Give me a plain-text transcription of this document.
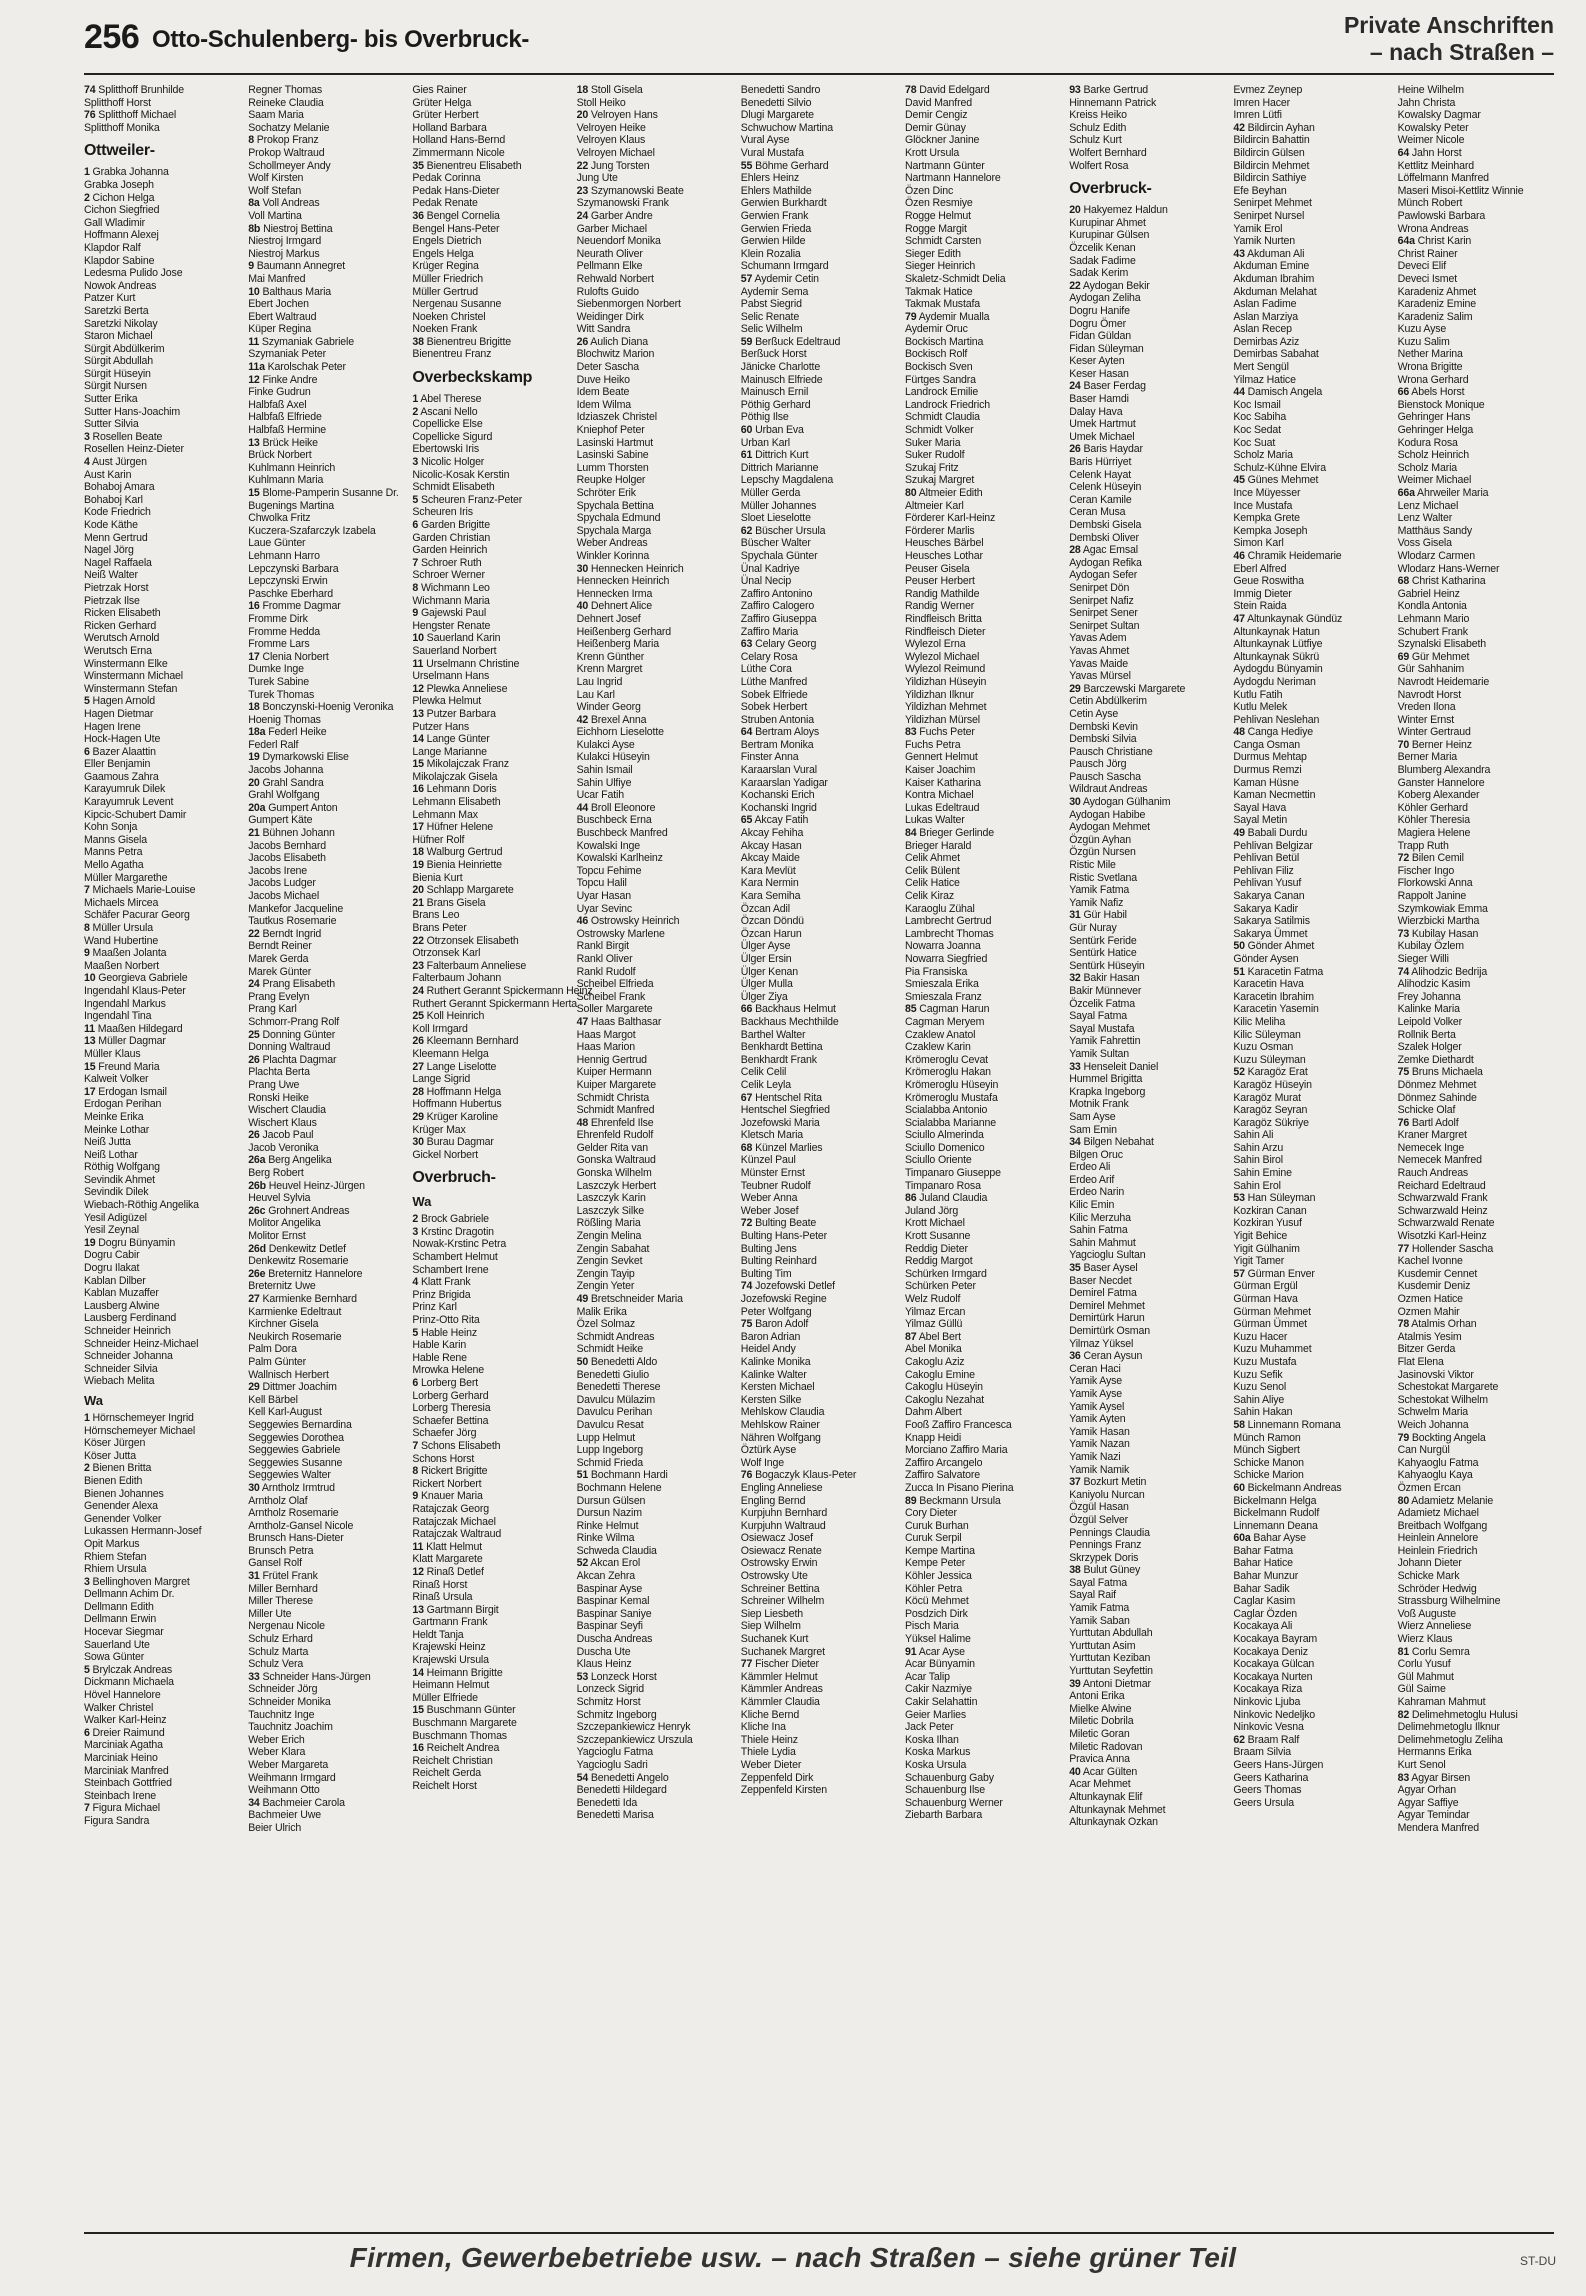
256 Otto-Schulenberg- bis Overbruck-
Private Anschriften
– nach Straßen –
74 Splitthoff Brunhilde
Splitthoff Horst
76 Splitthoff Michael
Splitthoff Monika
Ottweiler-
1 Grabka Johanna
Grabka Joseph
2 Cichon Helga
Cichon Siegfried
Gall Wladimir
Hoffmann Alexej
Klapdor Ralf
Klapdor Sabine
Ledesma Pulido Jose
Nowok Andreas
Patzer Kurt
Saretzki Berta
Saretzki Nikolay
Staron Michael
Sürgit Abdülkerim
Sürgit Abdullah
Sürgit Hüseyin
Sürgit Nursen
Sutter Erika
Sutter Hans-Joachim
Sutter Silvia
3 Rosellen Beate
Rosellen Heinz-Dieter
4 Aust Jürgen
Aust Karin
Bohaboj Amara
Bohaboj Karl
Kode Friedrich
Kode Käthe
Menn Gertrud
Nagel Jörg
Nagel Raffaela
Neiß Walter
Pietrzak Horst
Pietrzak Ilse
Ricken Elisabeth
Ricken Gerhard
Werutsch Arnold
Werutsch Erna
Winstermann Elke
Winstermann Michael
Winstermann Stefan
5 Hagen Arnold
Hagen Dietmar
Hagen Irene
Hock-Hagen Ute
6 Bazer Alaattin
Eller Benjamin
Gaamous Zahra
Karayumruk Dilek
Karayumruk Levent
Kipcic-Schubert Damir
Kohn Sonja
Manns Gisela
Manns Petra
Mello Agatha
Müller Margarethe
7 Michaels Marie-Louise
Michaels Mircea
Schäfer Pacurar Georg
8 Müller Ursula
Wand Hubertine
9 Maaßen Jolanta
Maaßen Norbert
10 Georgieva Gabriele
Ingendahl Klaus-Peter
Ingendahl Markus
Ingendahl Tina
11 Maaßen Hildegard
13 Müller Dagmar
Müller Klaus
15 Freund Maria
Kalweit Volker
17 Erdogan Ismail
Erdogan Perihan
Meinke Erika
Meinke Lothar
Neiß Jutta
Neiß Lothar
Röthig Wolfgang
Sevindik Ahmet
Sevindik Dilek
Wiebach-Röthig Angelika
Yesil Adigüzel
Yesil Zeynal
19 Dogru Bünyamin
Dogru Cabir
Dogru Ilakat
Kablan Dilber
Kablan Muzaffer
Lausberg Alwine
Lausberg Ferdinand
Schneider Heinrich
Schneider Heinz-Michael
Schneider Johanna
Schneider Silvia
Wiebach Melita
Wa
1 Hörnschemeyer Ingrid
Hörnschemeyer Michael
Köser Jürgen
Köser Jutta
2 Bienen Britta
Bienen Edith
Bienen Johannes
Genender Alexa
Genender Volker
Lukassen Hermann-Josef
Opit Markus
Rhiem Stefan
Rhiem Ursula
3 Bellinghoven Margret
Dellmann Achim Dr.
Dellmann Edith
Dellmann Erwin
Hocevar Siegmar
Sauerland Ute
Sowa Günter
5 Brylczak Andreas
Dickmann Michaela
Hövel Hannelore
Walker Christel
Walker Karl-Heinz
6 Dreier Raimund
Marciniak Agatha
Marciniak Heino
Marciniak Manfred
Steinbach Gottfried
Steinbach Irene
7 Figura Michael
Figura Sandra
Regner Thomas
Reineke Claudia
Saam Maria
Sochatzy Melanie
8 Prokop Franz
Prokop Waltraud
Schollmeyer Andy
Wolf Kirsten
Wolf Stefan
8a Voll Andreas
Voll Martina
8b Niestroj Bettina
Niestroj Irmgard
Niestroj Markus
9 Baumann Annegret
Mai Manfred
10 Balthaus Maria
Ebert Jochen
Ebert Waltraud
Küper Regina
11 Szymaniak Gabriele
Szymaniak Peter
11a Karolschak Peter
12 Finke Andre
Finke Gudrun
Halbfaß Axel
Halbfaß Elfriede
Halbfaß Hermine
13 Brück Heike
Brück Norbert
Kuhlmann Heinrich
Kuhlmann Maria
15 Blome-Pamperin Susanne Dr.
Bugenings Martina
Chwolka Fritz
Kuczera-Szafarczyk Izabela
Laue Günter
Lehmann Harro
Lepczynski Barbara
Lepczynski Erwin
Paschke Eberhard
16 Fromme Dagmar
Fromme Dirk
Fromme Hedda
Fromme Lars
17 Clenia Norbert
Dumke Inge
Turek Sabine
Turek Thomas
18 Bonczynski-Hoenig Veronika
Hoenig Thomas
18a Federl Heike
Federl Ralf
19 Dymarkowski Elise
Jacobs Johanna
20 Grahl Sandra
Grahl Wolfgang
20a Gumpert Anton
Gumpert Käte
21 Bühnen Johann
Jacobs Bernhard
Jacobs Elisabeth
Jacobs Irene
Jacobs Ludger
Jacobs Michael
Mankefor Jacqueline
Tautkus Rosemarie
22 Berndt Ingrid
Berndt Reiner
Marek Gerda
Marek Günter
24 Prang Elisabeth
Prang Evelyn
Prang Karl
Schmorr-Prang Rolf
25 Donning Günter
Donning Waltraud
26 Plachta Dagmar
Plachta Berta
Prang Uwe
Ronski Heike
Wischert Claudia
Wischert Klaus
26 Jacob Paul
Jacob Veronika
26a Berg Angelika
Berg Robert
26b Heuvel Heinz-Jürgen
Heuvel Sylvia
26c Grohnert Andreas
Molitor Angelika
Molitor Ernst
26d Denkewitz Detlef
Denkewitz Rosemarie
26e Breternitz Hannelore
Breternitz Uwe
27 Karmienke Bernhard
Karmienke Edeltraut
Kirchner Gisela
Neukirch Rosemarie
Palm Dora
Palm Günter
Wallnisch Herbert
29 Dittmer Joachim
Kell Bärbel
Kell Karl-August
Seggewies Bernardina
Seggewies Dorothea
Seggewies Gabriele
Seggewies Susanne
Seggewies Walter
30 Arntholz Irmtrud
Arntholz Olaf
Arntholz Rosemarie
Arntholz-Gansel Nicole
Brunsch Hans-Dieter
Brunsch Petra
Gansel Rolf
31 Frütel Frank
Miller Bernhard
Miller Therese
Miller Ute
Nergenau Nicole
Schulz Erhard
Schulz Marta
Schulz Vera
33 Schneider Hans-Jürgen
Schneider Jörg
Schneider Monika
Tauchnitz Inge
Tauchnitz Joachim
Weber Erich
Weber Klara
Weber Margareta
Weihmann Irmgard
Weihmann Otto
34 Bachmeier Carola
Bachmeier Uwe
Beier Ulrich
Gies Rainer
Grüter Helga
Grüter Herbert
Holland Barbara
Holland Hans-Bernd
Zimmermann Nicole
35 Bienentreu Elisabeth
Pedak Corinna
Pedak Hans-Dieter
Pedak Renate
36 Bengel Cornelia
Bengel Hans-Peter
Engels Dietrich
Engels Helga
Krüger Regina
Müller Friedrich
Müller Gertrud
Nergenau Susanne
Noeken Christel
Noeken Frank
38 Bienentreu Brigitte
Bienentreu Franz
Overbeckskamp
1 Abel Therese
2 Ascani Nello
Copellicke Else
Copellicke Sigurd
Ebertowski Iris
3 Nicolic Holger
Nicolic-Kosak Kerstin
Schmidt Elisabeth
5 Scheuren Franz-Peter
Scheuren Iris
6 Garden Brigitte
Garden Christian
Garden Heinrich
7 Schroer Ruth
Schroer Werner
8 Wichmann Leo
Wichmann Maria
9 Gajewski Paul
Hengster Renate
10 Sauerland Karin
Sauerland Norbert
11 Urselmann Christine
Urselmann Hans
12 Plewka Anneliese
Plewka Helmut
13 Putzer Barbara
Putzer Hans
14 Lange Günter
Lange Marianne
15 Mikolajczak Franz
Mikolajczak Gisela
16 Lehmann Doris
Lehmann Elisabeth
Lehmann Max
17 Hüfner Helene
Hüfner Rolf
18 Walburg Gertrud
19 Bienia Heinriette
Bienia Kurt
20 Schlapp Margarete
21 Brans Gisela
Brans Leo
Brans Peter
22 Otrzonsek Elisabeth
Otrzonsek Karl
23 Falterbaum Anneliese
Falterbaum Johann
24 Ruthert Gerannt Spickermann Heinz
Ruthert Gerannt Spickermann Herta
25 Koll Heinrich
Koll Irmgard
26 Kleemann Bernhard
Kleemann Helga
27 Lange Liselotte
Lange Sigrid
28 Hoffmann Helga
Hoffmann Hubertus
29 Krüger Karoline
Krüger Max
30 Burau Dagmar
Gickel Norbert
Overbruch-
Wa
2 Brock Gabriele
3 Krstinc Dragotin
Nowak-Krstinc Petra
Schambert Helmut
Schambert Irene
4 Klatt Frank
Prinz Brigida
Prinz Karl
Prinz-Otto Rita
5 Hable Heinz
Hable Karin
Hable Rene
Mrowka Helene
6 Lorberg Bert
Lorberg Gerhard
Lorberg Theresia
Schaefer Bettina
Schaefer Jörg
7 Schons Elisabeth
Schons Horst
8 Rickert Brigitte
Rickert Norbert
9 Knauer Maria
Ratajczak Georg
Ratajczak Michael
Ratajczak Waltraud
11 Klatt Helmut
Klatt Margarete
12 Rinaß Detlef
Rinaß Horst
Rinaß Ursula
13 Gartmann Birgit
Gartmann Frank
Heldt Tanja
Krajewski Heinz
Krajewski Ursula
14 Heimann Brigitte
Heimann Helmut
Müller Elfriede
15 Buschmann Günter
Buschmann Margarete
Buschmann Thomas
16 Reichelt Andrea
Reichelt Christian
Reichelt Gerda
Reichelt Horst
18 Stoll Gisela
Stoll Heiko
20 Velroyen Hans
Velroyen Heike
Velroyen Klaus
Velroyen Michael
22 Jung Torsten
Jung Ute
23 Szymanowski Beate
Szymanowski Frank
24 Garber Andre
Garber Michael
Neuendorf Monika
Neurath Oliver
Pellmann Elke
Rehwald Norbert
Rulofts Guido
Siebenmorgen Norbert
Weidinger Dirk
Witt Sandra
26 Aulich Diana
Blochwitz Marion
Deter Sascha
Duve Heiko
Idem Beate
Idem Wilma
Idziaszek Christel
Kniephof Peter
Lasinski Hartmut
Lasinski Sabine
Lumm Thorsten
Reupke Holger
Schröter Erik
Spychala Bettina
Spychala Edmund
Spychala Marga
Weber Andreas
Winkler Korinna
30 Hennecken Heinrich
Hennecken Heinrich
Hennecken Irma
40 Dehnert Alice
Dehnert Josef
Heißenberg Gerhard
Heißenberg Maria
Krenn Günther
Krenn Margret
Lau Ingrid
Lau Karl
Winder Georg
42 Brexel Anna
Eichhorn Lieselotte
Kulakci Ayse
Kulakci Hüseyin
Sahin Ismail
Sahin Ulfiye
Ucar Fatih
44 Broll Eleonore
Buschbeck Erna
Buschbeck Manfred
Kowalski Inge
Kowalski Karlheinz
Topcu Fehime
Topcu Halil
Uyar Hasan
Uyar Sevinc
46 Ostrowsky Heinrich
Ostrowsky Marlene
Rankl Birgit
Rankl Oliver
Rankl Rudolf
Scheibel Elfrieda
Scheibel Frank
Soller Margarete
47 Haas Balthasar
Haas Margot
Haas Marion
Hennig Gertrud
Kuiper Hermann
Kuiper Margarete
Schmidt Christa
Schmidt Manfred
48 Ehrenfeld Ilse
Ehrenfeld Rudolf
Gelder Rita van
Gonska Waltraud
Gonska Wilhelm
Laszczyk Herbert
Laszczyk Karin
Laszczyk Silke
Rößling Maria
Zengin Melina
Zengin Sabahat
Zengin Sevket
Zengin Tayip
Zengin Yeter
49 Bretschneider Maria
Malik Erika
Özel Solmaz
Schmidt Andreas
Schmidt Heike
50 Benedetti Aldo
Benedetti Giulio
Benedetti Therese
Davulcu Mülazim
Davulcu Perihan
Davulcu Resat
Lupp Helmut
Lupp Ingeborg
Schmid Frieda
51 Bochmann Hardi
Bochmann Helene
Dursun Gülsen
Dursun Nazim
Rinke Helmut
Rinke Wilma
Schweda Claudia
52 Akcan Erol
Akcan Zehra
Baspinar Ayse
Baspinar Kemal
Baspinar Saniye
Baspinar Seyfi
Duscha Andreas
Duscha Ute
Klaus Heinz
53 Lonzeck Horst
Lonzeck Sigrid
Schmitz Horst
Schmitz Ingeborg
Szczepankiewicz Henryk
Szczepankiewicz Urszula
Yagcioglu Fatma
Yagcioglu Sadri
54 Benedetti Angelo
Benedetti Hildegard
Benedetti Ida
Benedetti Marisa
Benedetti Sandro
Benedetti Silvio
Dlugi Margarete
Schwuchow Martina
Vural Ayse
Vural Mustafa
55 Böhme Gerhard
Ehlers Heinz
Ehlers Mathilde
Gerwien Burkhardt
Gerwien Frank
Gerwien Frieda
Gerwien Hilde
Klein Rozalia
Schumann Irmgard
57 Aydemir Cetin
Aydemir Sema
Pabst Siegrid
Selic Renate
Selic Wilhelm
59 Berßuck Edeltraud
Berßuck Horst
Jänicke Charlotte
Mainusch Elfriede
Mainusch Ernil
Pöthig Gerhard
Pöthig Ilse
60 Urban Eva
Urban Karl
61 Dittrich Kurt
Dittrich Marianne
Lepschy Magdalena
Müller Gerda
Müller Johannes
Sloet Lieselotte
62 Büscher Ursula
Büscher Walter
Spychala Günter
Ünal Kadriye
Ünal Necip
Zaffiro Antonino
Zaffiro Calogero
Zaffiro Giuseppa
Zaffiro Maria
63 Celary Georg
Celary Rosa
Lüthe Cora
Lüthe Manfred
Sobek Elfriede
Sobek Herbert
Struben Antonia
64 Bertram Aloys
Bertram Monika
Finster Anna
Karaarslan Vural
Karaarslan Yadigar
Kochanski Erich
Kochanski Ingrid
65 Akcay Fatih
Akcay Fehiha
Akcay Hasan
Akcay Maide
Kara Mevlüt
Kara Nermin
Kara Semiha
Özcan Adil
Özcan Döndü
Özcan Harun
Ülger Ayse
Ülger Ersin
Ülger Kenan
Ülger Mulla
Ülger Ziya
66 Backhaus Helmut
Backhaus Mechthilde
Barthel Walter
Benkhardt Bettina
Benkhardt Frank
Celik Celil
Celik Leyla
67 Hentschel Rita
Hentschel Siegfried
Jozefowski Maria
Kletsch Maria
68 Künzel Marlies
Künzel Paul
Münster Ernst
Teubner Rudolf
Weber Anna
Weber Josef
72 Bulting Beate
Bulting Hans-Peter
Bulting Jens
Bulting Reinhard
Bulting Tim
74 Jozefowski Detlef
Jozefowski Regine
Peter Wolfgang
75 Baron Adolf
Baron Adrian
Heidel Andy
Kalinke Monika
Kalinke Walter
Kersten Michael
Kersten Silke
Mehlskow Claudia
Mehlskow Rainer
Nähren Wolfgang
Öztürk Ayse
Wolf Inge
76 Bogaczyk Klaus-Peter
Engling Anneliese
Engling Bernd
Kurpjuhn Bernhard
Kurpjuhn Waltraud
Osiewacz Josef
Osiewacz Renate
Ostrowsky Erwin
Ostrowsky Ute
Schreiner Bettina
Schreiner Wilhelm
Siep Liesbeth
Siep Wilhelm
Suchanek Kurt
Suchanek Margret
77 Fischer Dieter
Kämmler Helmut
Kämmler Andreas
Kämmler Claudia
Kliche Bernd
Kliche Ina
Thiele Heinz
Thiele Lydia
Weber Dieter
Zeppenfeld Dirk
Zeppenfeld Kirsten
78 David Edelgard
David Manfred
Demir Cengiz
Demir Günay
Glöckner Janine
Krott Ursula
Nartmann Günter
Nartmann Hannelore
Özen Dinc
Özen Resmiye
Rogge Helmut
Rogge Margit
Schmidt Carsten
Sieger Edith
Sieger Heinrich
Skaletz-Schmidt Delia
Takmak Hatice
Takmak Mustafa
79 Aydemir Mualla
Aydemir Oruc
Bockisch Martina
Bockisch Rolf
Bockisch Sven
Fürtges Sandra
Landrock Emilie
Landrock Friedrich
Schmidt Claudia
Schmidt Volker
Suker Maria
Suker Rudolf
Szukaj Fritz
Szukaj Margret
80 Altmeier Edith
Altmeier Karl
Förderer Karl-Heinz
Förderer Marlis
Heusches Bärbel
Heusches Lothar
Peuser Gisela
Peuser Herbert
Randig Mathilde
Randig Werner
Rindfleisch Britta
Rindfleisch Dieter
Wylezol Erna
Wylezol Michael
Wylezol Reimund
Yildizhan Hüseyin
Yildizhan Ilknur
Yildizhan Mehmet
Yildizhan Mürsel
83 Fuchs Peter
Fuchs Petra
Gennert Helmut
Kaiser Joachim
Kaiser Katharina
Kontra Michael
Lukas Edeltraud
Lukas Walter
84 Brieger Gerlinde
Brieger Harald
Celik Ahmet
Celik Bülent
Celik Hatice
Celik Kiraz
Karaoglu Zühal
Lambrecht Gertrud
Lambrecht Thomas
Nowarra Joanna
Nowarra Siegfried
Pia Fransiska
Smieszala Erika
Smieszala Franz
85 Cagman Harun
Cagman Meryem
Czaklew Anatol
Czaklew Karin
Krömeroglu Cevat
Krömeroglu Hakan
Krömeroglu Hüseyin
Krömeroglu Mustafa
Scialabba Antonio
Scialabba Marianne
Sciullo Almerinda
Sciullo Domenico
Sciullo Oriente
Timpanaro Giuseppe
Timpanaro Rosa
86 Juland Claudia
Juland Jörg
Krott Michael
Krott Susanne
Reddig Dieter
Reddig Margot
Schürken Irmgard
Schürken Peter
Welz Rudolf
Yilmaz Ercan
Yilmaz Güllü
87 Abel Bert
Abel Monika
Cakoglu Aziz
Cakoglu Emine
Cakoglu Hüseyin
Cakoglu Nezahat
Dahm Albert
Fooß Zaffiro Francesca
Knapp Heidi
Morciano Zaffiro Maria
Zaffiro Arcangelo
Zaffiro Salvatore
Zucca In Pisano Pierina
89 Beckmann Ursula
Cory Dieter
Curuk Burhan
Curuk Serpil
Kempe Martina
Kempe Peter
Köhler Jessica
Köhler Petra
Köcü Mehmet
Posdzich Dirk
Pisch Maria
Yüksel Halime
91 Acar Ayse
Acar Bünyamin
Acar Talip
Cakir Nazmiye
Cakir Selahattin
Geier Marlies
Jack Peter
Koska Ilhan
Koska Markus
Koska Ursula
Schauenburg Gaby
Schauenburg Ilse
Schauenburg Werner
Ziebarth Barbara
93 Barke Gertrud
Hinnemann Patrick
Kreiss Heiko
Schulz Edith
Schulz Kurt
Wolfert Bernhard
Wolfert Rosa
Overbruck-
20 Hakyemez Haldun
Kurupinar Ahmet
Kurupinar Gülsen
Özcelik Kenan
Sadak Fadime
Sadak Kerim
22 Aydogan Bekir
Aydogan Zeliha
Dogru Hanife
Dogru Ömer
Fidan Güldan
Fidan Süleyman
Keser Ayten
Keser Hasan
24 Baser Ferdag
Baser Hamdi
Dalay Hava
Umek Hartmut
Umek Michael
26 Baris Haydar
Baris Hürriyet
Celenk Hayat
Celenk Hüseyin
Ceran Kamile
Ceran Musa
Dembski Gisela
Dembski Oliver
28 Agac Emsal
Aydogan Refika
Aydogan Sefer
Senirpet Dön
Senirpet Nafiz
Senirpet Sener
Senirpet Sultan
Yavas Adem
Yavas Ahmet
Yavas Maide
Yavas Mürsel
29 Barczewski Margarete
Cetin Abdülkerim
Cetin Ayse
Dembski Kevin
Dembski Silvia
Pausch Christiane
Pausch Jörg
Pausch Sascha
Wildraut Andreas
30 Aydogan Gülhanim
Aydogan Habibe
Aydogan Mehmet
Özgün Ayhan
Özgün Nursen
Ristic Mile
Ristic Svetlana
Yamik Fatma
Yamik Nafiz
31 Gür Habil
Gür Nuray
Sentürk Feride
Sentürk Hatice
Sentürk Hüseyin
32 Bakir Hasan
Bakir Münnever
Özcelik Fatma
Sayal Fatma
Sayal Mustafa
Yamik Fahrettin
Yamik Sultan
33 Henseleit Daniel
Hummel Brigitta
Krapka Ingeborg
Motnik Frank
Sam Ayse
Sam Emin
34 Bilgen Nebahat
Bilgen Oruc
Erdeo Ali
Erdeo Arif
Erdeo Narin
Kilic Emin
Kilic Merzuha
Sahin Fatma
Sahin Mahmut
Yagcioglu Sultan
35 Baser Aysel
Baser Necdet
Demirel Fatma
Demirel Mehmet
Demirtürk Harun
Demirtürk Osman
Yilmaz Yüksel
36 Ceran Aysun
Ceran Haci
Yamik Ayse
Yamik Ayse
Yamik Aysel
Yamik Ayten
Yamik Hasan
Yamik Nazan
Yamik Nazi
Yamik Namik
37 Bozkurt Metin
Kaniyolu Nurcan
Özgül Hasan
Özgül Selver
Pennings Claudia
Pennings Franz
Skrzypek Doris
38 Bulut Güney
Sayal Fatma
Sayal Raif
Yamik Fatma
Yamik Saban
Yurttutan Abdullah
Yurttutan Asim
Yurttutan Keziban
Yurttutan Seyfettin
39 Antoni Dietmar
Antoni Erika
Mielke Alwine
Miletic Dobrila
Miletic Goran
Miletic Radovan
Pravica Anna
40 Acar Gülten
Acar Mehmet
Altunkaynak Elif
Altunkaynak Mehmet
Altunkaynak Ozkan
Evmez Zeynep
Imren Hacer
Imren Lütfi
42 Bildircin Ayhan
Bildircin Bahattin
Bildircin Gülsen
Bildircin Mehmet
Bildircin Sathiye
Efe Beyhan
Senirpet Mehmet
Senirpet Nursel
Yamik Erol
Yamik Nurten
43 Akduman Ali
Akduman Emine
Akduman Ibrahim
Akduman Melahat
Aslan Fadime
Aslan Marziya
Aslan Recep
Demirbas Aziz
Demirbas Sabahat
Mert Sengül
Yilmaz Hatice
44 Damisch Angela
Koc Ismail
Koc Sabiha
Koc Sedat
Koc Suat
Scholz Maria
Schulz-Kühne Elvira
45 Günes Mehmet
Ince Müyesser
Ince Mustafa
Kempka Grete
Kempka Joseph
Simon Karl
46 Chramik Heidemarie
Eberl Alfred
Geue Roswitha
Immig Dieter
Stein Raida
47 Altunkaynak Gündüz
Altunkaynak Hatun
Altunkaynak Lütfiye
Altunkaynak Sükrü
Aydogdu Bünyamin
Aydogdu Neriman
Kutlu Fatih
Kutlu Melek
Pehlivan Neslehan
48 Canga Hediye
Canga Osman
Durmus Mehtap
Durmus Remzi
Kaman Hüsne
Kaman Necmettin
Sayal Hava
Sayal Metin
49 Babali Durdu
Pehlivan Belgizar
Pehlivan Betül
Pehlivan Filiz
Pehlivan Yusuf
Sakarya Canan
Sakarya Kadir
Sakarya Satilmis
Sakarya Ümmet
50 Gönder Ahmet
Gönder Aysen
51 Karacetin Fatma
Karacetin Hava
Karacetin Ibrahim
Karacetin Yasemin
Kilic Meliha
Kilic Süleyman
Kuzu Osman
Kuzu Süleyman
52 Karagöz Erat
Karagöz Hüseyin
Karagöz Murat
Karagöz Seyran
Karagöz Sükriye
Sahin Ali
Sahin Arzu
Sahin Birol
Sahin Emine
Sahin Erol
53 Han Süleyman
Kozkiran Canan
Kozkiran Yusuf
Yigit Behice
Yigit Gülhanim
Yigit Tamer
57 Gürman Enver
Gürman Ergül
Gürman Hava
Gürman Mehmet
Gürman Ümmet
Kuzu Hacer
Kuzu Muhammet
Kuzu Mustafa
Kuzu Sefik
Kuzu Senol
Sahin Aliye
Sahin Hakan
58 Linnemann Romana
Münch Ramon
Münch Sigbert
Schicke Manon
Schicke Marion
60 Bickelmann Andreas
Bickelmann Helga
Bickelmann Rudolf
Linnemann Deana
60a Bahar Ayse
Bahar Fatma
Bahar Hatice
Bahar Munzur
Bahar Sadik
Caglar Kasim
Caglar Özden
Kocakaya Ali
Kocakaya Bayram
Kocakaya Deniz
Kocakaya Gülcan
Kocakaya Nurten
Kocakaya Riza
Ninkovic Ljuba
Ninkovic Nedeljko
Ninkovic Vesna
62 Braam Ralf
Braam Silvia
Geers Hans-Jürgen
Geers Katharina
Geers Thomas
Geers Ursula
Heine Wilhelm
Jahn Christa
Kowalsky Dagmar
Kowalsky Peter
Weimer Nicole
64 Jahn Horst
Kettlitz Meinhard
Löffelmann Manfred
Maseri Misoi-Kettlitz Winnie
Münch Robert
Pawlowski Barbara
Wrona Andreas
64a Christ Karin
Christ Rainer
Deveci Elif
Deveci Ismet
Karadeniz Ahmet
Karadeniz Emine
Karadeniz Salim
Kuzu Ayse
Kuzu Salim
Nether Marina
Wrona Brigitte
Wrona Gerhard
66 Abels Horst
Bienstock Monique
Gehringer Hans
Gehringer Helga
Kodura Rosa
Scholz Heinrich
Scholz Maria
Weimer Michael
66a Ahrweiler Maria
Lenz Michael
Lenz Walter
Matthäus Sandy
Voss Gisela
Wlodarz Carmen
Wlodarz Hans-Werner
68 Christ Katharina
Gabriel Heinz
Kondla Antonia
Lehmann Mario
Schubert Frank
Szynalski Elisabeth
69 Gür Mehmet
Gür Sahhanim
Navrodt Heidemarie
Navrodt Horst
Vreden Ilona
Winter Ernst
Winter Gertraud
70 Berner Heinz
Berner Maria
Blumberg Alexandra
Ganster Hannelore
Koberg Alexander
Köhler Gerhard
Köhler Theresia
Magiera Helene
Trapp Ruth
72 Bilen Cemil
Fischer Ingo
Florkowski Anna
Rappolt Janine
Szymkowiak Emma
Wierzbicki Martha
73 Kubilay Hasan
Kubilay Özlem
Sieger Willi
74 Alihodzic Bedrija
Alihodzic Kasim
Frey Johanna
Kalinke Maria
Leipold Volker
Rollnik Berta
Szalek Holger
Zemke Diethardt
75 Bruns Michaela
Dönmez Mehmet
Dönmez Sahinde
Schicke Olaf
76 Bartl Adolf
Kraner Margret
Nemecek Inge
Nemecek Manfred
Rauch Andreas
Reichard Edeltraud
Schwarzwald Frank
Schwarzwald Heinz
Schwarzwald Renate
Wisotzki Karl-Heinz
77 Hollender Sascha
Kachel Ivonne
Kusdemir Cennet
Kusdemir Deniz
Ozmen Hatice
Ozmen Mahir
78 Atalmis Orhan
Atalmis Yesim
Bitzer Gerda
Flat Elena
Jasinovski Viktor
Schestokat Margarete
Schestokat Wilhelm
Schwelm Maria
Weich Johanna
79 Bockting Angela
Can Nurgül
Kahyaoglu Fatma
Kahyaoglu Kaya
Özmen Ercan
80 Adamietz Melanie
Adamietz Michael
Breitbach Wolfgang
Heinlein Annelore
Heinlein Friedrich
Johann Dieter
Schicke Mark
Schröder Hedwig
Strassburg Wilhelmine
Voß Auguste
Wierz Anneliese
Wierz Klaus
81 Corlu Semra
Corlu Yusuf
Gül Mahmut
Gül Saime
Kahraman Mahmut
82 Delimehmetoglu Hulusi
Delimehmetoglu Ilknur
Delimehmetoglu Zeliha
Hermanns Erika
Kurt Senol
83 Agyar Birsen
Agyar Orhan
Agyar Saffiye
Agyar Temindar
Mendera Manfred
Firmen, Gewerbebetriebe usw. – nach Straßen – siehe grüner Teil	ST-DU
